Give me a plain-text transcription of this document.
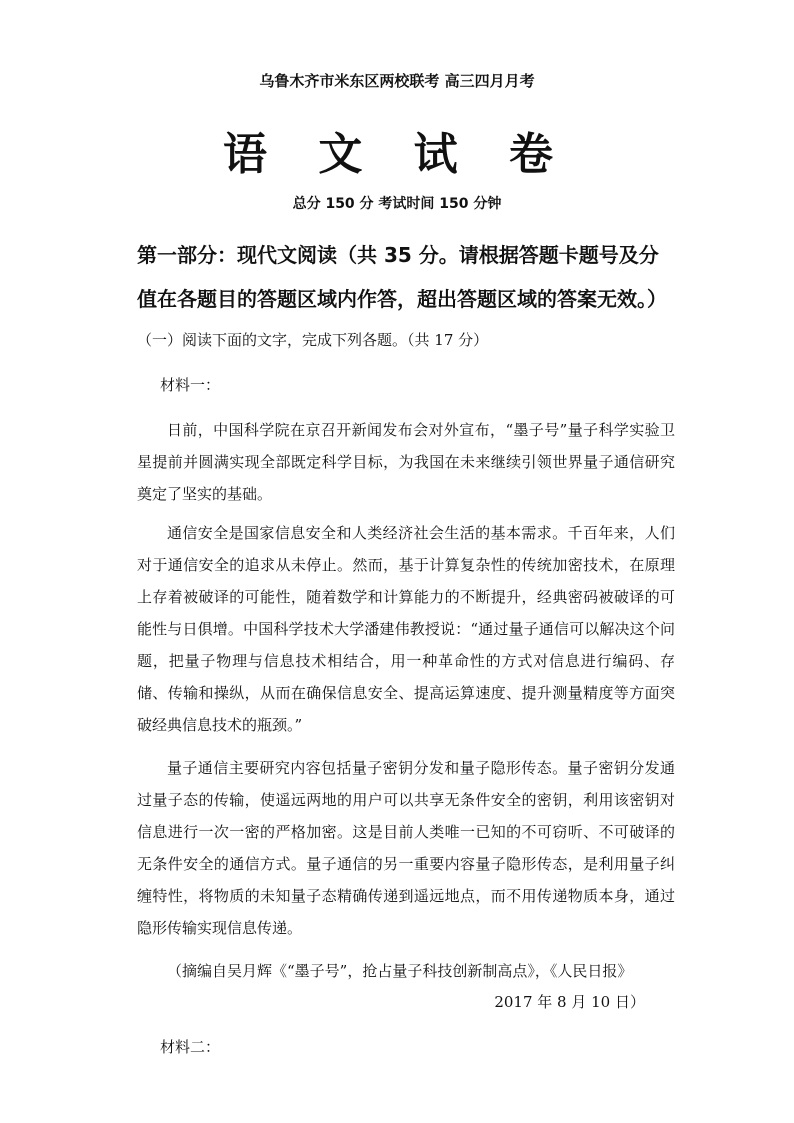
乌鲁木齐市米东区两校联考 高三四月月考
语 文 试 卷
总分 150 分 考试时间 150 分钟
第一部分：现代文阅读（共 35 分。请根据答题卡题号及分值在各题目的答题区域内作答，超出答题区域的答案无效。）
（一）阅读下面的文字，完成下列各题。（共 17 分）
材料一：
日前，中国科学院在京召开新闻发布会对外宣布，“墨子号”量子科学实验卫星提前并圆满实现全部既定科学目标，为我国在未来继续引领世界量子通信研究奠定了坚实的基础。
通信安全是国家信息安全和人类经济社会生活的基本需求。千百年来，人们对于通信安全的追求从未停止。然而，基于计算复杂性的传统加密技术，在原理上存着被破译的可能性，随着数学和计算能力的不断提升，经典密码被破译的可能性与日俱增。中国科学技术大学潘建伟教授说：“通过量子通信可以解决这个问题，把量子物理与信息技术相结合，用一种革命性的方式对信息进行编码、存储、传输和操纵，从而在确保信息安全、提高运算速度、提升测量精度等方面突破经典信息技术的瓶颈。”
量子通信主要研究内容包括量子密钥分发和量子隐形传态。量子密钥分发通过量子态的传输，使遥远两地的用户可以共享无条件安全的密钥，利用该密钥对信息进行一次一密的严格加密。这是目前人类唯一已知的不可窃听、不可破译的无条件安全的通信方式。量子通信的另一重要内容量子隐形传态，是利用量子纠缠特性，将物质的未知量子态精确传递到遥远地点，而不用传递物质本身，通过隐形传输实现信息传递。
（摘编自吴月辉《“墨子号”，抢占量子科技创新制高点》，《人民日报》
2017 年 8 月 10 日）
材料二：
